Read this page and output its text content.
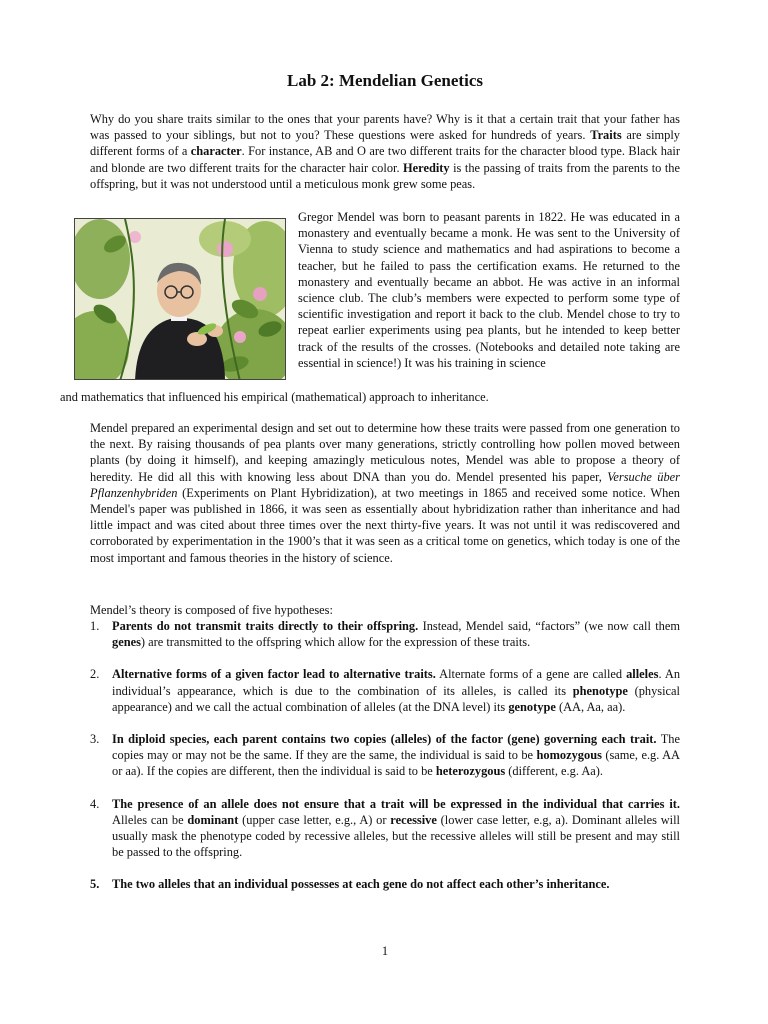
Lab 2: Mendelian Genetics

Why do you share traits similar to the ones that your parents have? Why is it that a certain trait that your father has was passed to your siblings, but not to you? These questions were asked for hundreds of years. Traits are simply different forms of a character. For instance, AB and O are two different traits for the character blood type. Black hair and blonde are two different traits for the character hair color. Heredity is the passing of traits from the parents to the offspring, but it was not understood until a meticulous monk grew some peas.

Gregor Mendel was born to peasant parents in 1822. He was educated in a monastery and eventually became a monk. He was sent to the University of Vienna to study science and mathematics and had aspirations to become a teacher, but he failed to pass the certification exams. He returned to the monastery and eventually became an abbot. He was active in an informal science club. The club’s members were expected to perform some type of scientific investigation and report it back to the club. Mendel chose to try to repeat earlier experiments using pea plants, but he intended to keep better track of the results of the crosses. (Notebooks and detailed note taking are essential in science!) It was his training in science

and mathematics that influenced his empirical (mathematical) approach to inheritance.

Mendel prepared an experimental design and set out to determine how these traits were passed from one generation to the next. By raising thousands of pea plants over many generations, strictly controlling how pollen moved between plants (by doing it himself), and keeping amazingly meticulous notes, Mendel was able to propose a theory of heredity. He did all this with knowing less about DNA than you do. Mendel presented his paper, Versuche über Pflanzenhybriden (Experiments on Plant Hybridization), at two meetings in 1865 and received some notice. When Mendel's paper was published in 1866, it was seen as essentially about hybridization rather than inheritance and had little impact and was cited about three times over the next thirty-five years. It was not until it was rediscovered and corroborated by experimentation in the 1900’s that it was seen as a critical tome on genetics, which today is one of the most important and famous theories in the history of science.

Mendel’s theory is composed of five hypotheses:

1. Parents do not transmit traits directly to their offspring. Instead, Mendel said, “factors” (we now call them genes) are transmitted to the offspring which allow for the expression of these traits.
2. Alternative forms of a given factor lead to alternative traits. Alternate forms of a gene are called alleles. An individual’s appearance, which is due to the combination of its alleles, is called its phenotype (physical appearance) and we call the actual combination of alleles (at the DNA level) its genotype (AA, Aa, aa).
3. In diploid species, each parent contains two copies (alleles) of the factor (gene) governing each trait. The copies may or may not be the same. If they are the same, the individual is said to be homozygous (same, e.g. AA or aa). If the copies are different, then the individual is said to be heterozygous (different, e.g. Aa).
4. The presence of an allele does not ensure that a trait will be expressed in the individual that carries it. Alleles can be dominant (upper case letter, e.g., A) or recessive (lower case letter, e.g, a). Dominant alleles will usually mask the phenotype coded by recessive alleles, but the recessive alleles will still be present and may still be passed to the offspring.
5. The two alleles that an individual possesses at each gene do not affect each other’s inheritance.
1
